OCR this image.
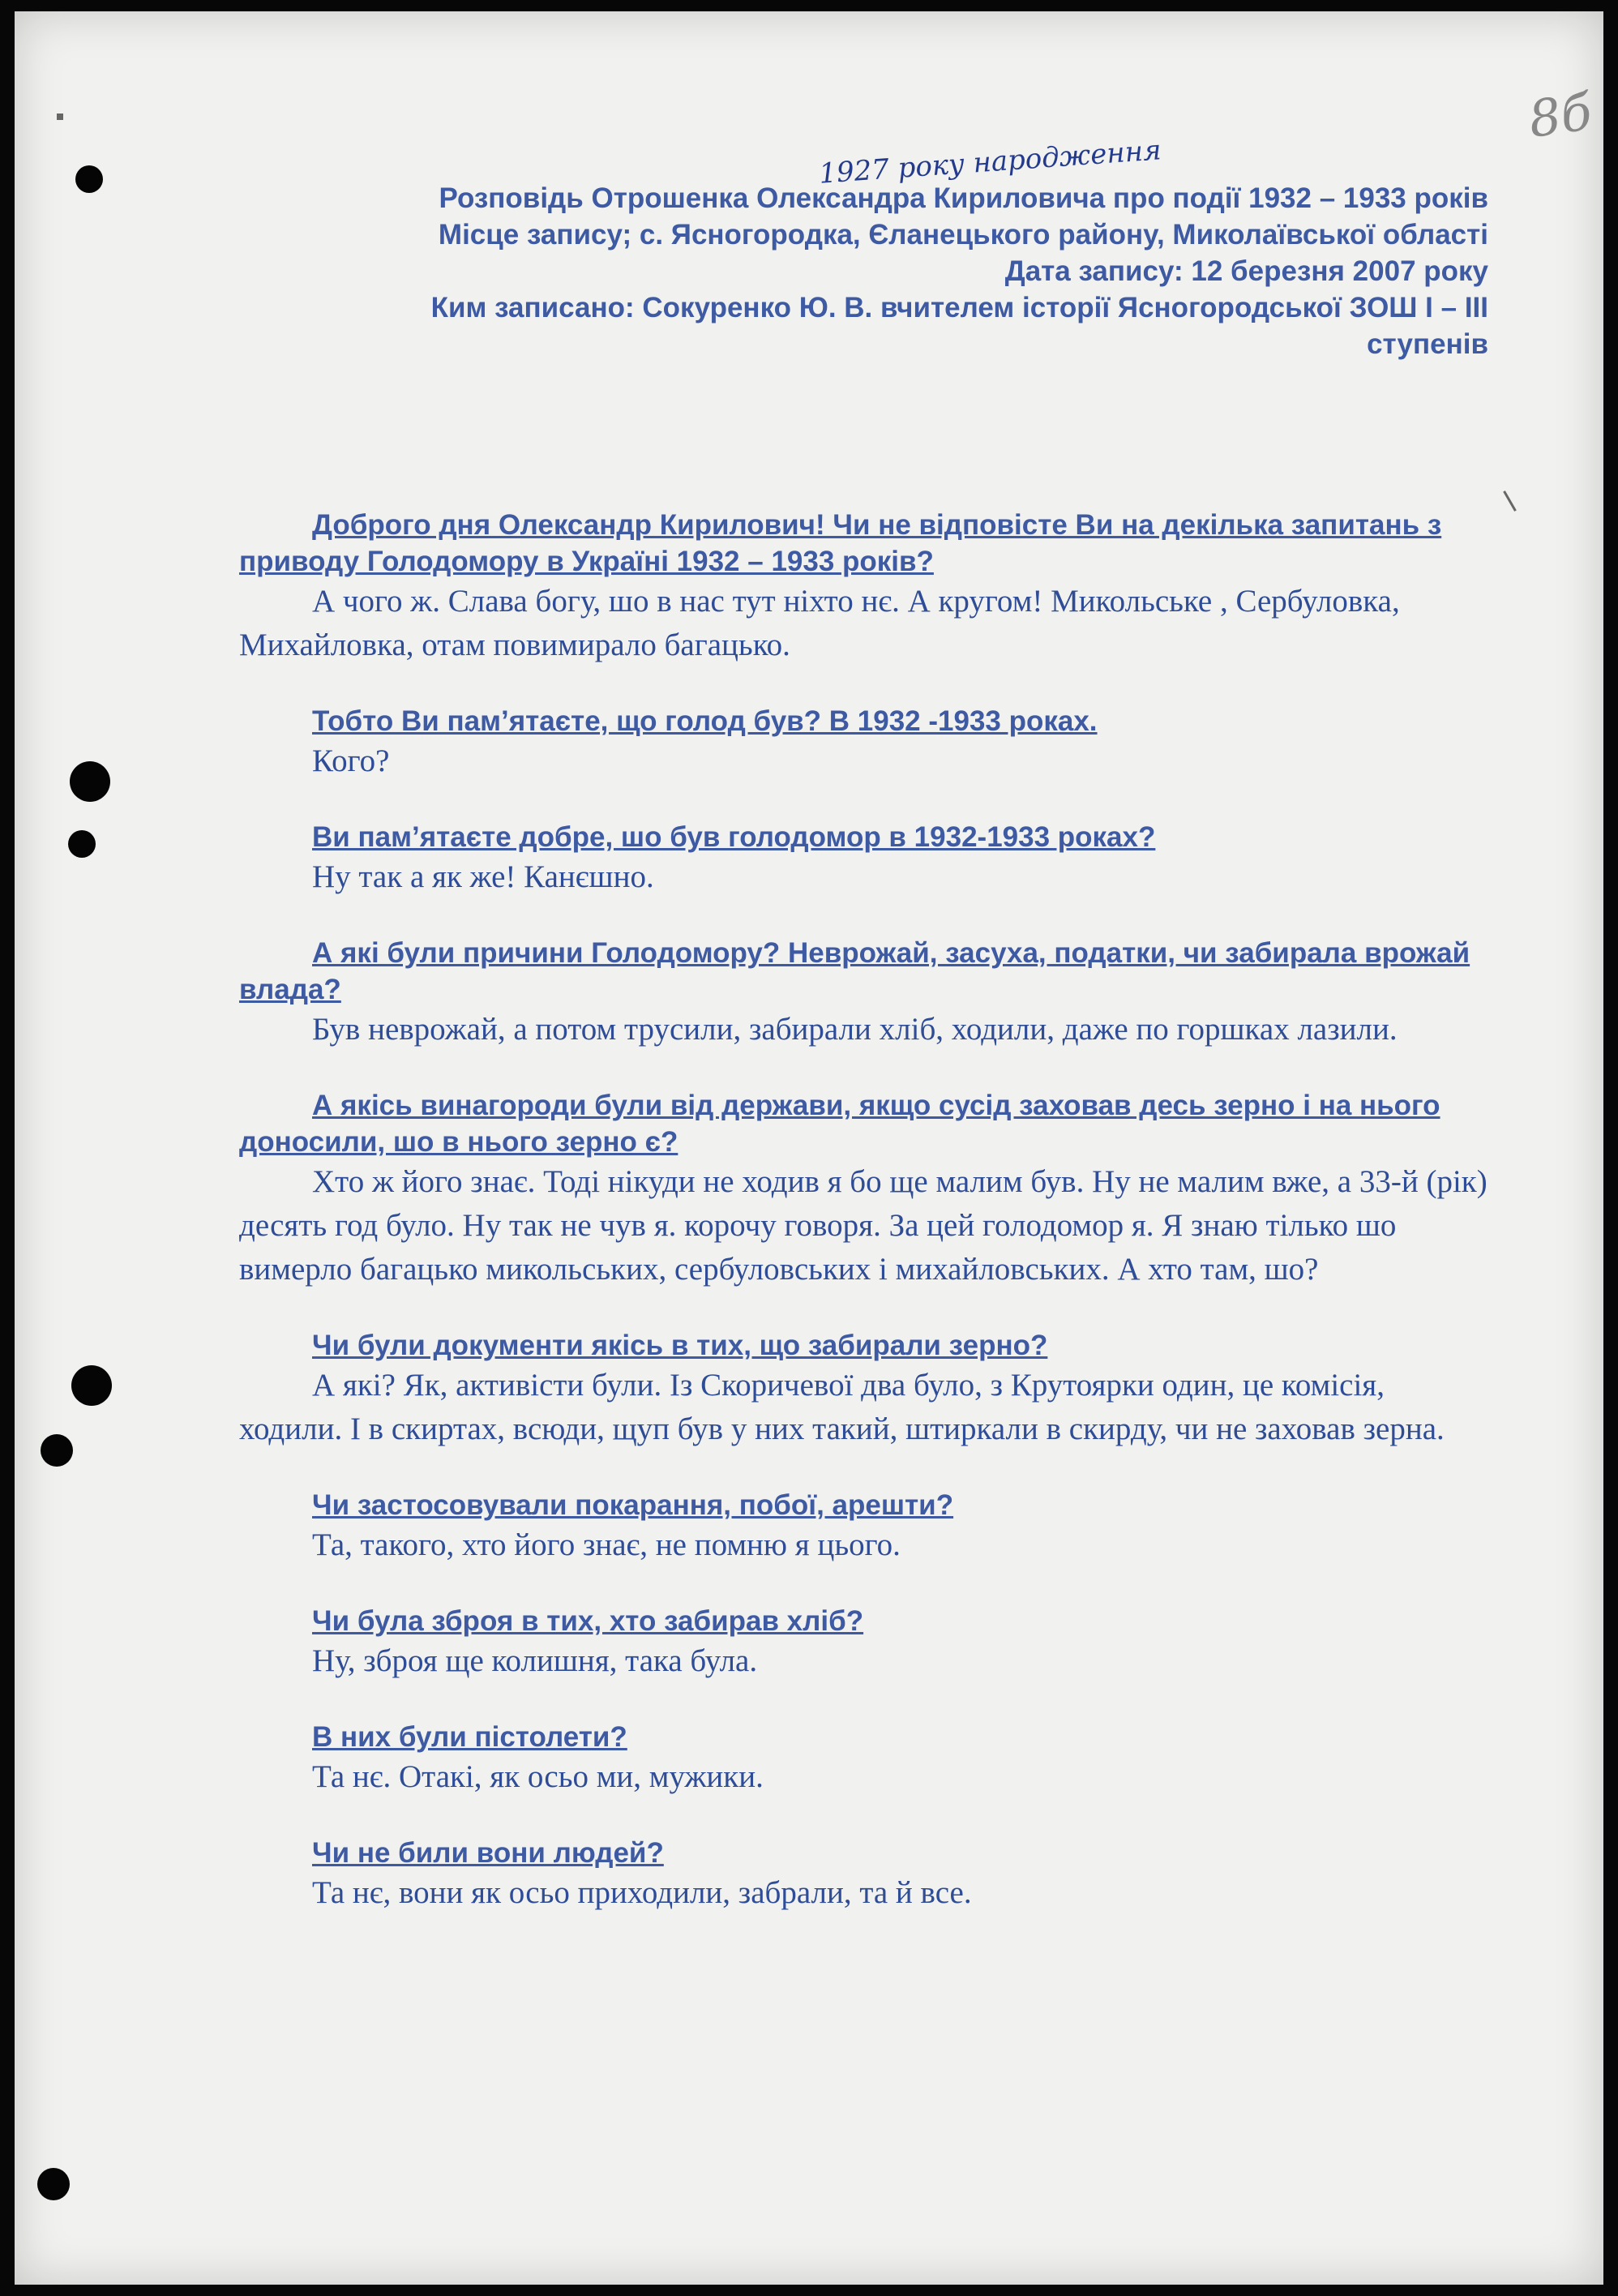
8б
1927 року народження
Розповідь Отрошенка Олександра Кириловича про події 1932 – 1933 років
Місце запису; с. Ясногородка, Єланецького району, Миколаївської області
Дата запису: 12 березня 2007 року
Ким записано: Сокуренко Ю. В. вчителем історії Ясногородської ЗОШ І – ІІІ ступенів

Доброго дня Олександр Кирилович! Чи не відповісте Ви на декілька запитань з приводу Голодомору в Україні 1932 – 1933 років?

А чого ж. Слава богу, шо в нас тут ніхто нє. А кругом! Микольське , Сербуловка, Михайловка, отам повимирало багацько.

Тобто Ви пам’ятаєте, що голод був? В 1932 -1933 роках.

Кого?

Ви пам’ятаєте добре, шо був голодомор в 1932-1933 роках?

Ну так а як же! Канєшно.

А які були причини Голодомору? Неврожай, засуха, податки, чи забирала врожай влада?

Був неврожай, а потом трусили, забирали хліб, ходили, даже по горшках лазили.

А якісь винагороди були від держави, якщо сусід заховав десь зерно і на нього доносили, шо в нього зерно є?

Хто ж його знає. Тоді нікуди не ходив я бо ще малим був. Ну не малим вже, а 33-й (рік) десять год було. Ну так не чув я. корочу говоря. За цей голодомор я. Я знаю тілько шо вимерло багацько микольських, сербуловських і михайловських. А хто там, шо?

Чи були документи якісь в тих, що забирали зерно?

А які? Як, активісти були. Із Скоричевої два було, з Крутоярки один, це комісія, ходили. І в скиртах, всюди, щуп був у них такий, штиркали в скирду, чи не заховав зерна.

Чи застосовували покарання, побої, арешти?

Та, такого, хто його знає, не помню я цього.

Чи була зброя в тих, хто забирав хліб?

Ну, зброя ще колишня, така була.

В них були пістолети?

Та нє. Отакі, як осьо ми, мужики.

Чи не били вони людей?

Та нє, вони як осьо приходили, забрали, та й все.
